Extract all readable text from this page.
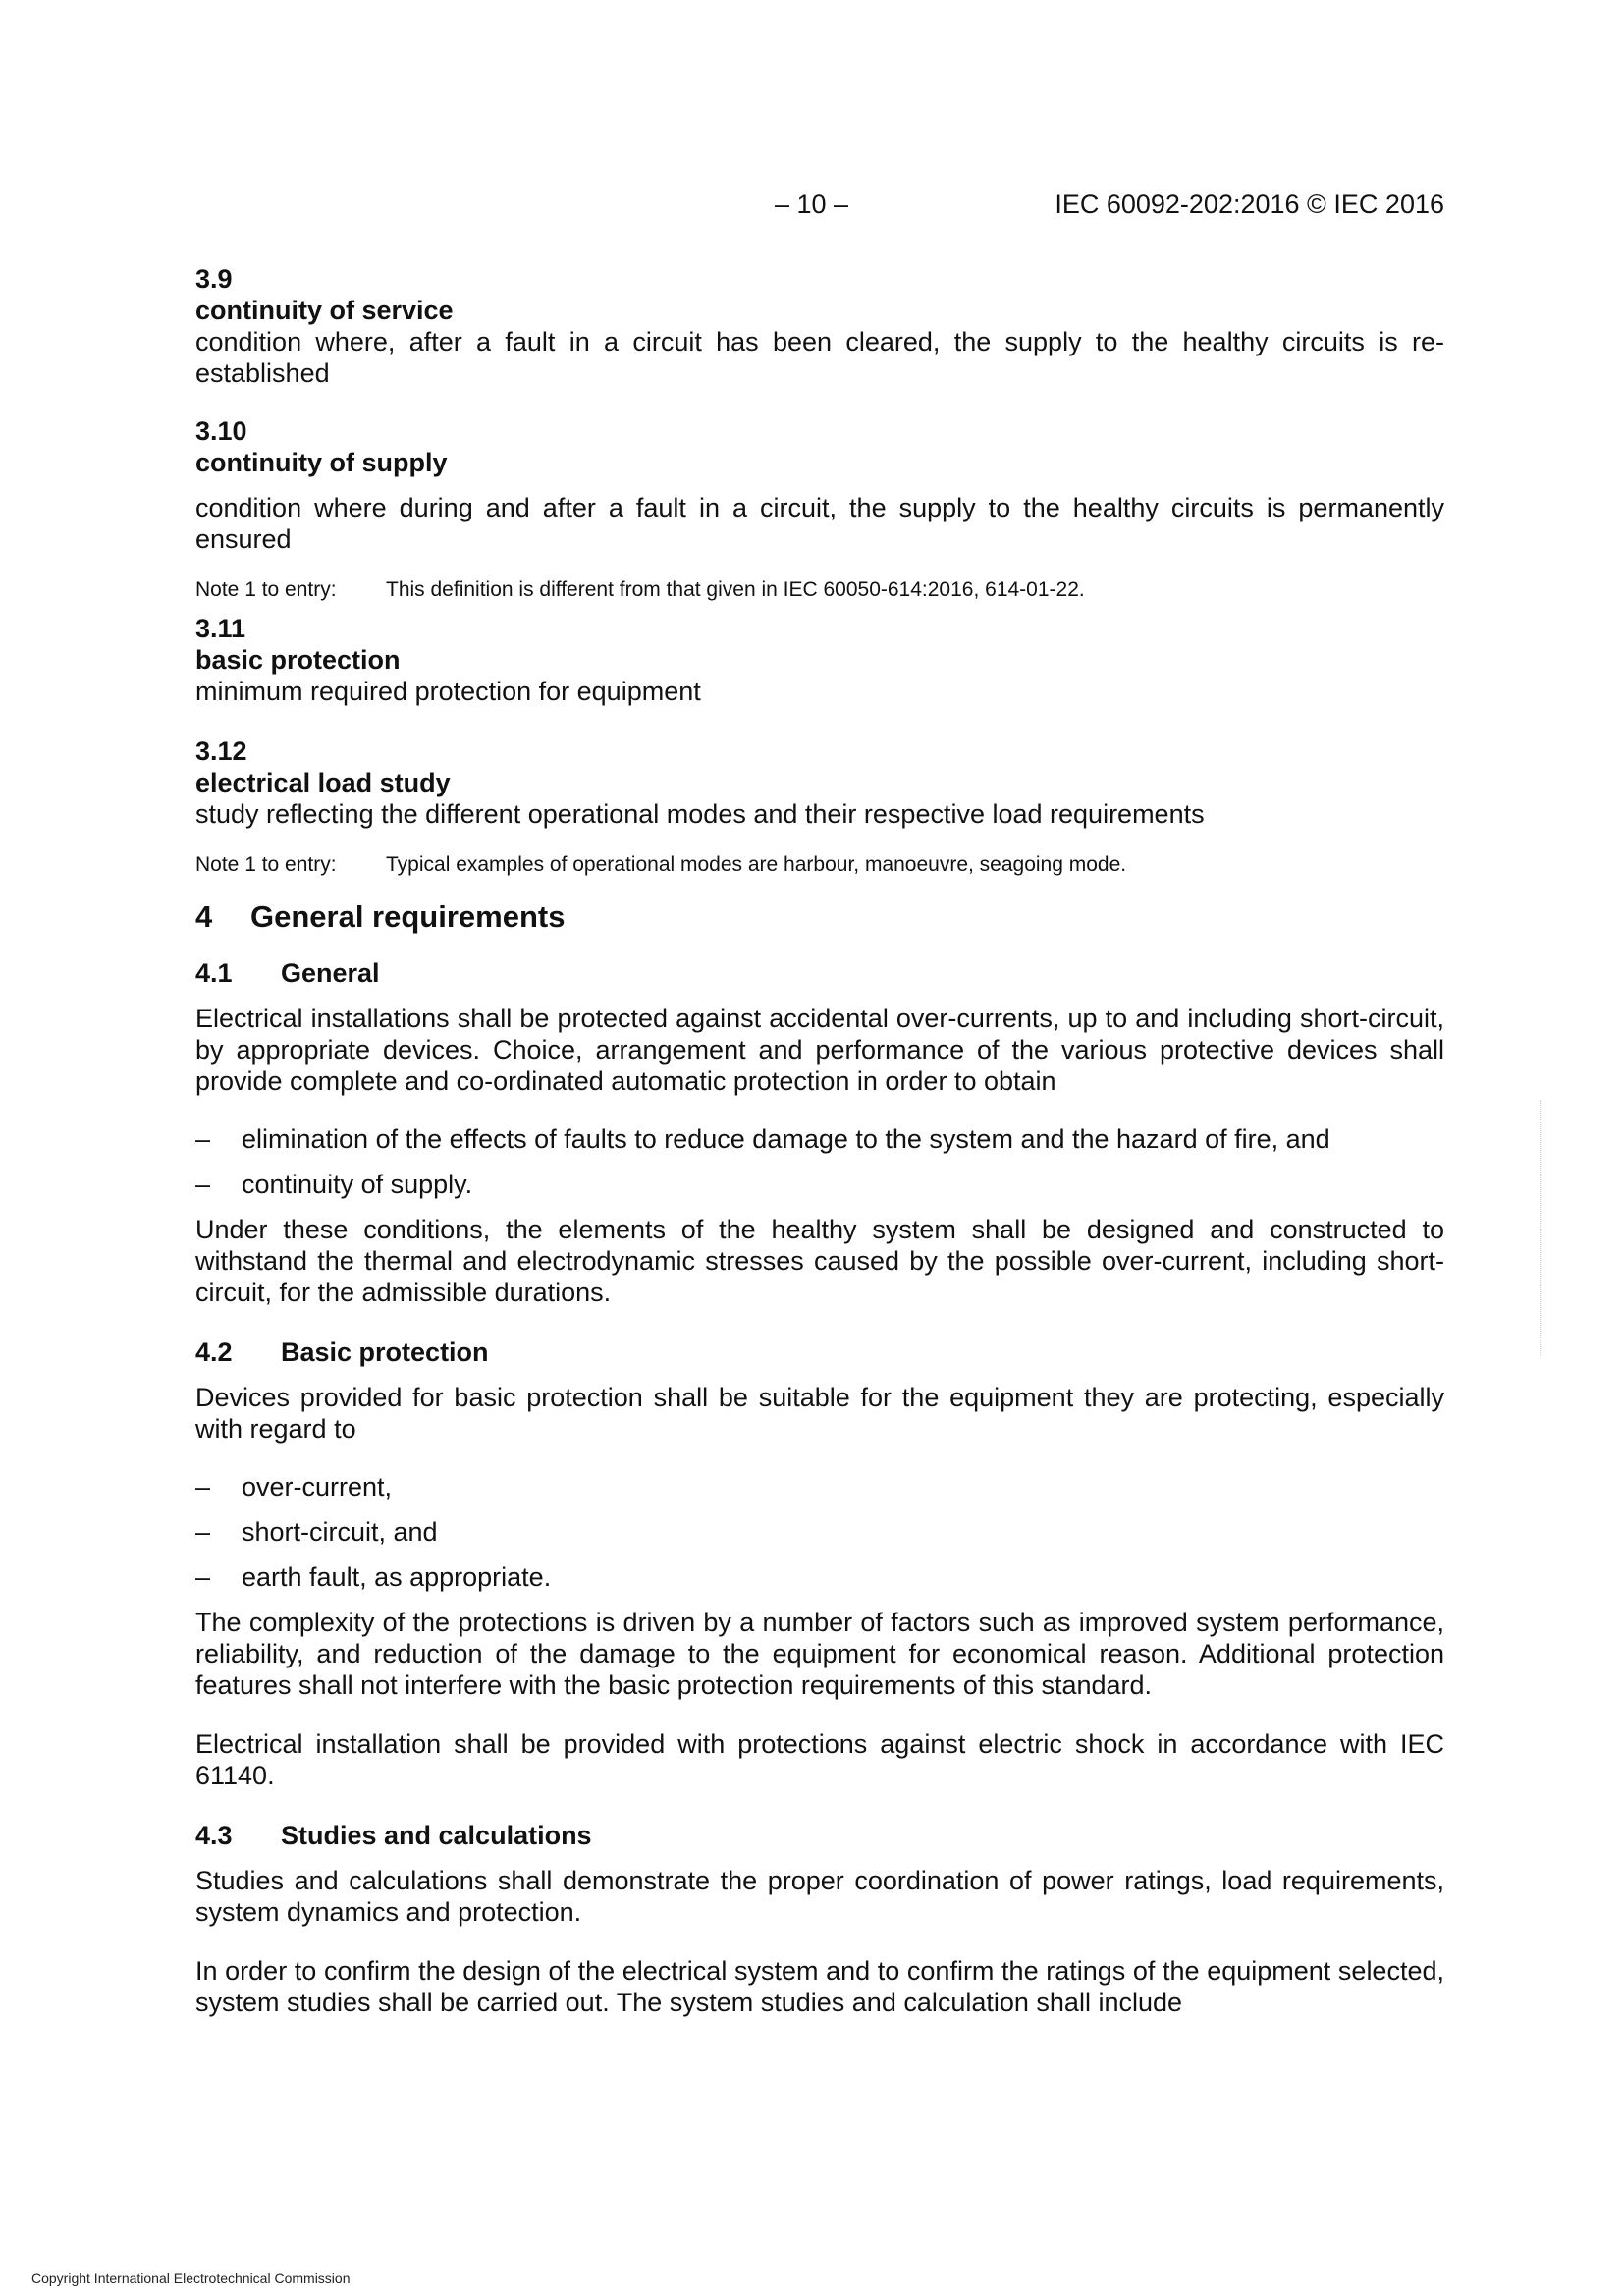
– 10 –	IEC 60092-202:2016 © IEC 2016

3.9

continuity of service

condition where, after a fault in a circuit has been cleared, the supply to the healthy circuits is re-established

3.10

continuity of supply

condition where during and after a fault in a circuit, the supply to the healthy circuits is permanently ensured

Note 1 to entry:	This definition is different from that given in IEC 60050-614:2016, 614-01-22.

3.11

basic protection

minimum required protection for equipment

3.12

electrical load study

study reflecting the different operational modes and their respective load requirements

Note 1 to entry:	Typical examples of operational modes are harbour, manoeuvre, seagoing mode.
4	General requirements
4.1	General

Electrical installations shall be protected against accidental over-currents, up to and including short-circuit, by appropriate devices. Choice, arrangement and performance of the various protective devices shall provide complete and co-ordinated automatic protection in order to obtain

–	elimination of the effects of faults to reduce damage to the system and the hazard of fire, and
–	continuity of supply.

Under these conditions, the elements of the healthy system shall be designed and constructed to withstand the thermal and electrodynamic stresses caused by the possible over-current, including short-circuit, for the admissible durations.

4.2	Basic protection

Devices provided for basic protection shall be suitable for the equipment they are protecting, especially with regard to

–	over-current,
–	short-circuit, and
–	earth fault, as appropriate.

The complexity of the protections is driven by a number of factors such as improved system performance, reliability, and reduction of the damage to the equipment for economical reason. Additional protection features shall not interfere with the basic protection requirements of this standard.

Electrical installation shall be provided with protections against electric shock in accordance with IEC 61140.

4.3	Studies and calculations

Studies and calculations shall demonstrate the proper coordination of power ratings, load requirements, system dynamics and protection.

In order to confirm the design of the electrical system and to confirm the ratings of the equipment selected, system studies shall be carried out. The system studies and calculation shall include

Copyright International Electrotechnical Commission
